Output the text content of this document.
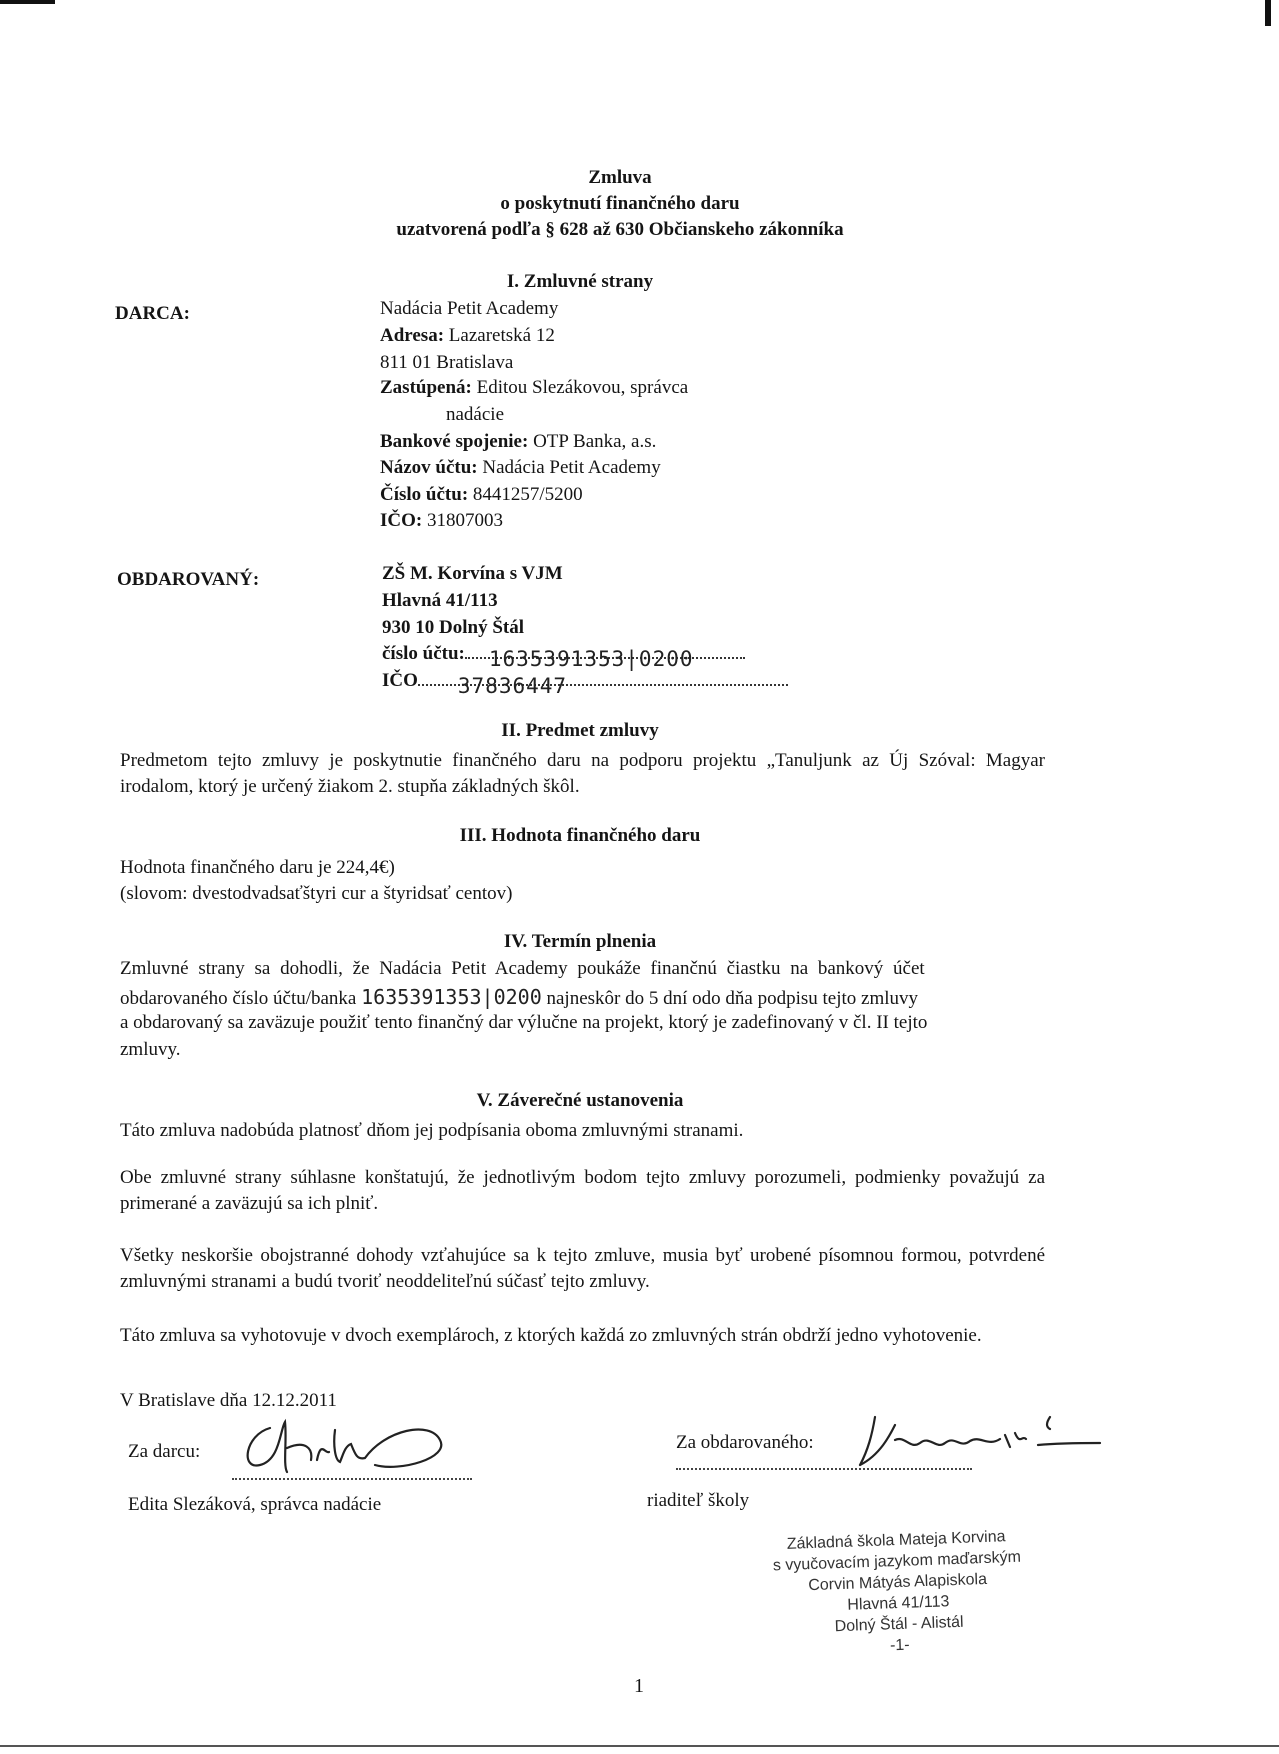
Zmluva
o poskytnutí finančného daru
uzatvorená podľa § 628 až 630 Občianskeho zákonníka
I. Zmluvné strany
DARCA:	Nadácia Petit Academy
Adresa: Lazaretská 12
811 01 Bratislava
Zastúpená: Editou Slezákovou, správca
nadácie
Bankové spojenie: OTP Banka, a.s.
Názov účtu: Nadácia Petit Academy
Číslo účtu: 8441257/5200
IČO: 31807003
OBDAROVANÝ:	ZŠ M. Korvína s VJM
Hlavná 41/113
930 10 Dolný Štál
číslo účtu: 1635391353|0200
IČO 37836447
II. Predmet zmluvy
Predmetom tejto zmluvy je poskytnutie finančného daru na podporu projektu „Tanuljunk az Új Szóval: Magyar irodalom, ktorý je určený žiakom 2. stupňa základných škôl.
III. Hodnota finančného daru
Hodnota finančného daru je 224,4€)
(slovom: dvestodvadsaťštyri cur a štyridsať centov)
IV. Termín plnenia
Zmluvné strany sa dohodli, že Nadácia Petit Academy poukáže finančnú čiastku na bankový účet
obdarovaného číslo účtu/banka 1635391353|0200 najneskôr do 5 dní odo dňa podpisu tejto zmluvy
a obdarovaný sa zaväzuje použiť tento finančný dar výlučne na projekt, ktorý je zadefinovaný v čl. II tejto
zmluvy.
V. Záverečné ustanovenia
Táto zmluva nadobúda platnosť dňom jej podpísania oboma zmluvnými stranami.
Obe zmluvné strany súhlasne konštatujú, že jednotlivým bodom tejto zmluvy porozumeli, podmienky považujú za primerané a zaväzujú sa ich plniť.
Všetky neskoršie obojstranné dohody vzťahujúce sa k tejto zmluve, musia byť urobené písomnou formou, potvrdené zmluvnými stranami a budú tvoriť neoddeliteľnú súčasť tejto zmluvy.
Táto zmluva sa vyhotovuje v dvoch exemplároch, z ktorých každá zo zmluvných strán obdrží jedno vyhotovenie.
V Bratislave dňa 12.12.2011
Za darcu:
Edita Slezáková, správca nadácie
Za obdarovaného:
riaditeľ školy
Základná škola Mateja Korvina
s vyučovacím jazykom maďarským
Corvin Mátyás Alapiskola
Hlavná 41/113
Dolný Štál - Alistál
-1-
1
